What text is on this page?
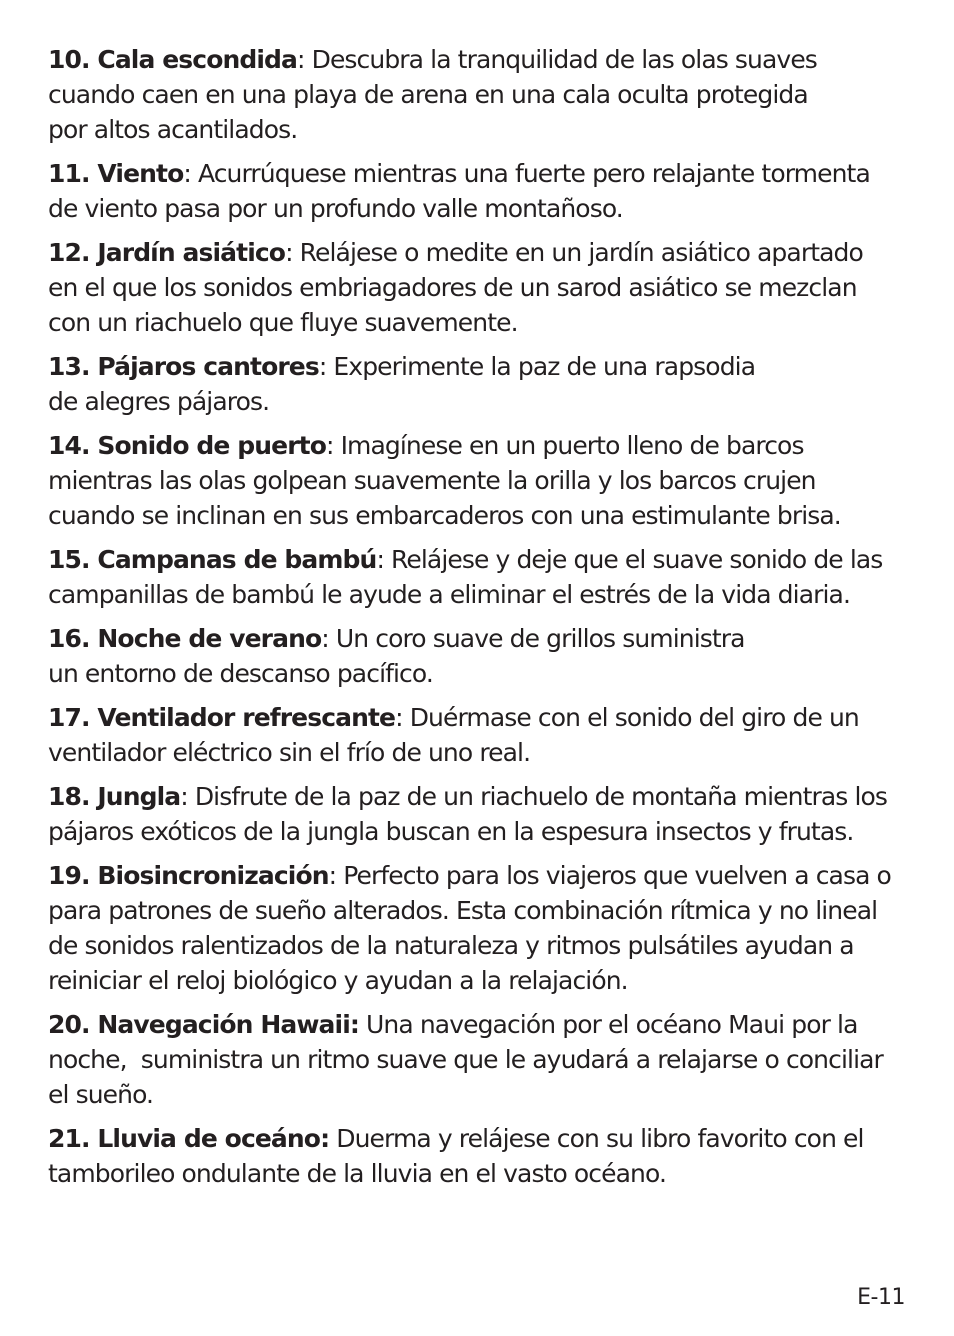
10. Cala escondida: Descubra la tranquilidad de las olas suaves
cuando caen en una playa de arena en una cala oculta protegida
por altos acantilados.

11. Viento: Acurrúquese mientras una fuerte pero relajante tormenta
de viento pasa por un profundo valle montañoso.

12. Jardín asiático: Relájese o medite en un jardín asiático apartado
en el que los sonidos embriagadores de un sarod asiático se mezclan
con un riachuelo que fluye suavemente.

13. Pájaros cantores: Experimente la paz de una rapsodia
de alegres pájaros.

14. Sonido de puerto: Imagínese en un puerto lleno de barcos
mientras las olas golpean suavemente la orilla y los barcos crujen
cuando se inclinan en sus embarcaderos con una estimulante brisa.

15. Campanas de bambú: Relájese y deje que el suave sonido de las
campanillas de bambú le ayude a eliminar el estrés de la vida diaria.

16. Noche de verano: Un coro suave de grillos suministra
un entorno de descanso pacífico.

17. Ventilador refrescante: Duérmase con el sonido del giro de un
ventilador eléctrico sin el frío de uno real.

18. Jungla: Disfrute de la paz de un riachuelo de montaña mientras los
pájaros exóticos de la jungla buscan en la espesura insectos y frutas.

19. Biosincronización: Perfecto para los viajeros que vuelven a casa o
para patrones de sueño alterados. Esta combinación rítmica y no lineal
de sonidos ralentizados de la naturaleza y ritmos pulsátiles ayudan a
reiniciar el reloj biológico y ayudan a la relajación.

20. Navegación Hawaii: Una navegación por el océano Maui por la
noche,  suministra un ritmo suave que le ayudará a relajarse o conciliar
el sueño.

21. Lluvia de oceáno: Duerma y relájese con su libro favorito con el
tamborileo ondulante de la lluvia en el vasto océano.

E-11
